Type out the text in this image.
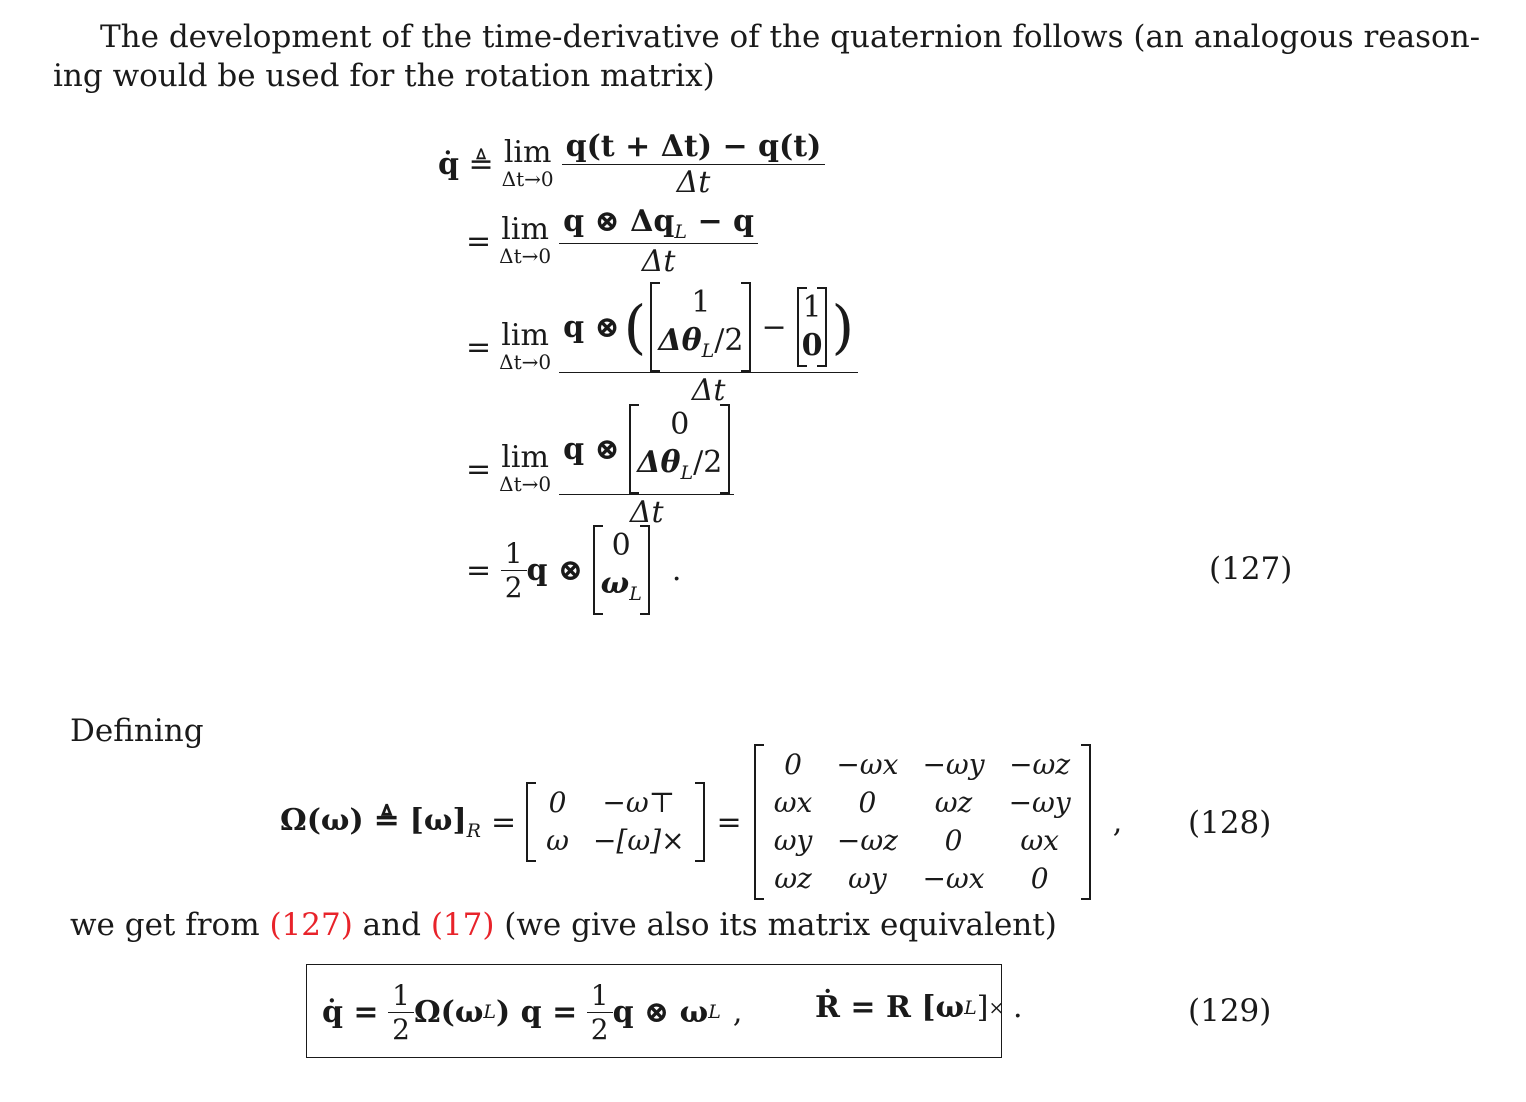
The development of the time-derivative of the quaternion follows (an analogous reason-
ing would be used for the rotation matrix)
q̇
≜ lim
$\Delta t\to 0 \frac{q(t + \Delta t) - q(t)}{\Delta t}$
= lim
$\Delta t\to 0 \frac{q \otimes \Delta q_L - q}{\Delta t}$
= lim
Δt→0
q ⊗ (	1
$\Delta\theta_L/2$ −
1
0 )
Δt
= lim
Δt→0 q ⊗

0
$\Delta\theta_L/2$
Δt
=
$\frac{1}{2}$ q ⊗

0
$\omega_L$
.	(127)
Defining
Ω(ω) ≜ $[\omega]_R$ =
0	−ω⊤
ω	−[ω]×
=
0	−ωx	−ωy	−ωz
ωx	0	ωz	−ωy
ωy	−ωz	0	ωx
ωz	ωy	−ωx	0
, (128)
we get from (127) and (17) (we give also its matrix equivalent)
q̇ =
$\frac{1}{2} \Omega(\omega$ L ) q =
$\frac{1}{2}$ q ⊗ ω L , Ṙ = R [ω L ] × .	(129)
